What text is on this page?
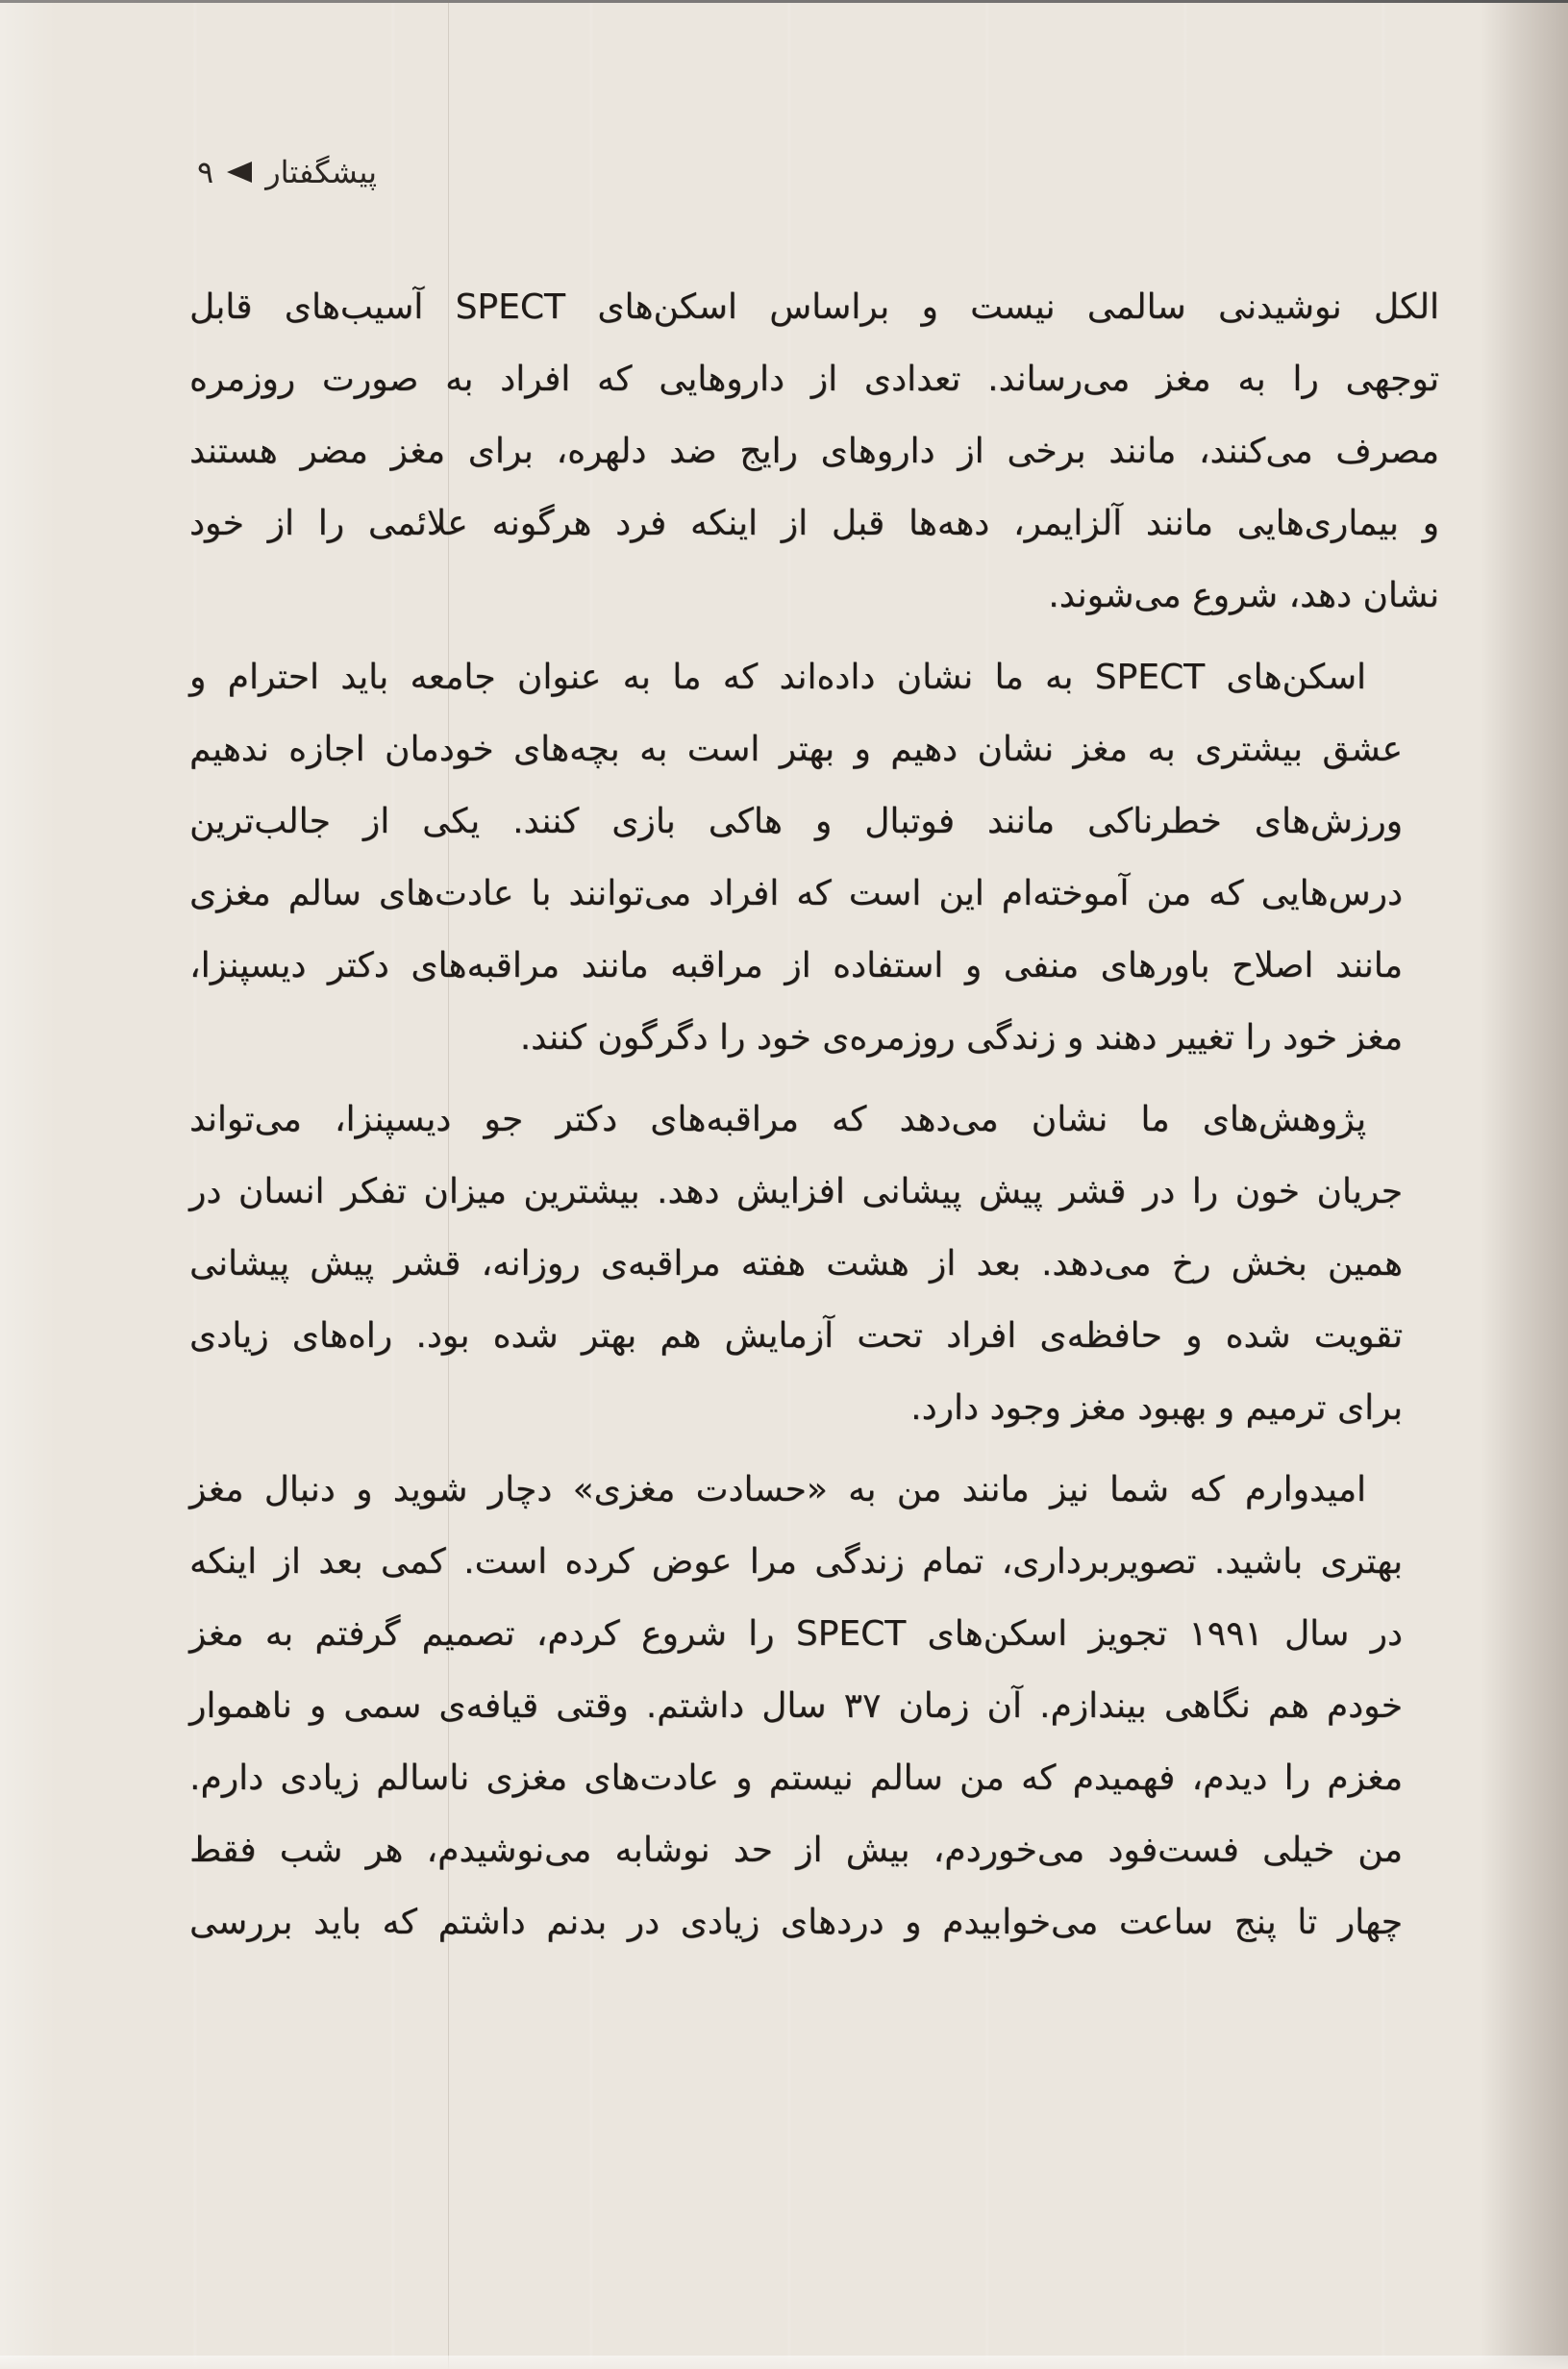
پیشگفتار
۹

الکل نوشیدنی سالمی نیست و براساس اسکن‌های SPECT آسیب‌های قابل
توجهی را به مغز می‌رساند. تعدادی از داروهایی که افراد به صورت روزمره
مصرف می‌کنند، مانند برخی از داروهای رایج ضد دلهره، برای مغز مضر هستند
و بیماری‌هایی مانند آلزایمر، دهه‌ها قبل از اینکه فرد هرگونه علائمی را از خود
نشان دهد، شروع می‌شوند.

اسکن‌های SPECT به ما نشان داده‌اند که ما به عنوان جامعه باید احترام و
عشق بیشتری به مغز نشان دهیم و بهتر است به بچه‌های خودمان اجازه ندهیم
ورزش‌های خطرناکی مانند فوتبال و هاکی بازی کنند. یکی از جالب‌ترین
درس‌هایی که من آموخته‌ام این است که افراد می‌توانند با عادت‌های سالم مغزی
مانند اصلاح باورهای منفی و استفاده از مراقبه مانند مراقبه‌های دکتر دیسپنزا،
مغز خود را تغییر دهند و زندگی روزمره‌ی خود را دگرگون کنند.

پژوهش‌های ما نشان می‌دهد که مراقبه‌های دکتر جو دیسپنزا، می‌تواند
جریان خون را در قشر پیش پیشانی افزایش دهد. بیشترین میزان تفکر انسان در
همین بخش رخ می‌دهد. بعد از هشت هفته مراقبه‌ی روزانه، قشر پیش پیشانی
تقویت شده و حافظه‌ی افراد تحت آزمایش هم بهتر شده بود. راه‌های زیادی
برای ترمیم و بهبود مغز وجود دارد.

امیدوارم که شما نیز مانند من به «حسادت مغزی» دچار شوید و دنبال مغز
بهتری باشید. تصویربرداری، تمام زندگی مرا عوض کرده است. کمی بعد از اینکه
در سال ۱۹۹۱ تجویز اسکن‌های SPECT را شروع کردم، تصمیم گرفتم به مغز
خودم هم نگاهی بیندازم. آن زمان ۳۷ سال داشتم. وقتی قیافه‌ی سمی و ناهموار
مغزم را دیدم، فهمیدم که من سالم نیستم و عادت‌های مغزی ناسالم زیادی دارم.
من خیلی فست‌فود می‌خوردم، بیش از حد نوشابه می‌نوشیدم، هر شب فقط
چهار تا پنج ساعت می‌خوابیدم و دردهای زیادی در بدنم داشتم که باید بررسی
